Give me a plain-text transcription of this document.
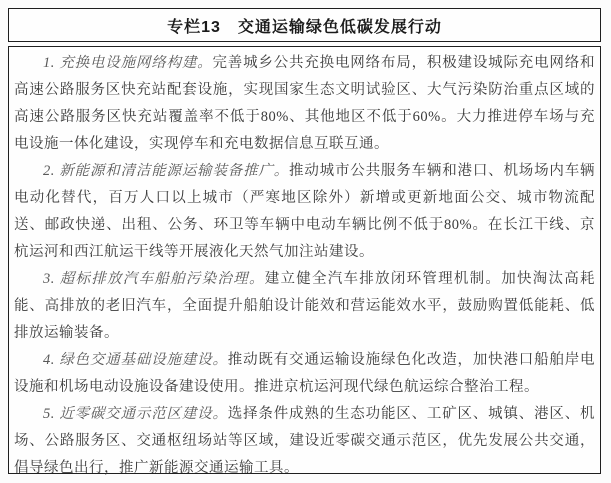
专栏13　交通运输绿色低碳发展行动

1. 充换电设施网络构建。完善城乡公共充换电网络布局，积极建设城际充电网络和高速公路服务区快充站配套设施，实现国家生态文明试验区、大气污染防治重点区域的高速公路服务区快充站覆盖率不低于80%、其他地区不低于60%。大力推进停车场与充电设施一体化建设，实现停车和充电数据信息互联互通。

2. 新能源和清洁能源运输装备推广。推动城市公共服务车辆和港口、机场场内车辆电动化替代，百万人口以上城市（严寒地区除外）新增或更新地面公交、城市物流配送、邮政快递、出租、公务、环卫等车辆中电动车辆比例不低于80%。在长江干线、京杭运河和西江航运干线等开展液化天然气加注站建设。

3. 超标排放汽车船舶污染治理。建立健全汽车排放闭环管理机制。加快淘汰高耗能、高排放的老旧汽车，全面提升船舶设计能效和营运能效水平，鼓励购置低能耗、低排放运输装备。

4. 绿色交通基础设施建设。推动既有交通运输设施绿色化改造，加快港口船舶岸电设施和机场电动设施设备建设使用。推进京杭运河现代绿色航运综合整治工程。

5. 近零碳交通示范区建设。选择条件成熟的生态功能区、工矿区、城镇、港区、机场、公路服务区、交通枢纽场站等区域，建设近零碳交通示范区，优先发展公共交通，倡导绿色出行，推广新能源交通运输工具。
